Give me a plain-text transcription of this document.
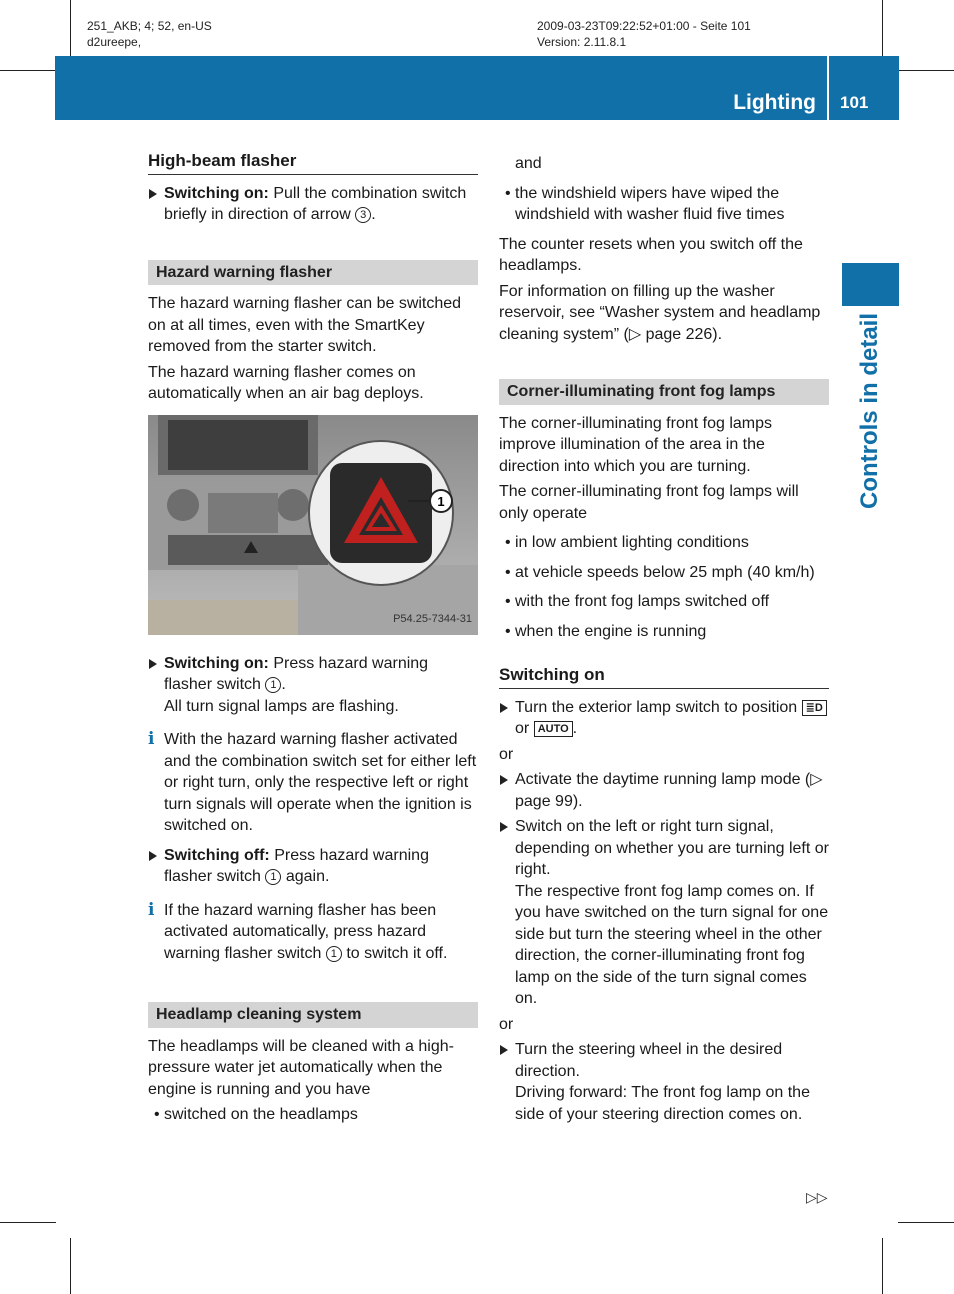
251_AKB; 4; 52, en-US
d2ureepe,
2009-03-23T09:22:52+01:00 - Seite 101
Version: 2.11.8.1
Lighting 101
Controls in detail
High-beam flasher
Switching on: Pull the combination switch briefly in direction of arrow 3 .
Hazard warning flasher
The hazard warning flasher can be switched on at all times, even with the SmartKey removed from the starter switch.
The hazard warning flasher comes on automatically when an air bag deploys.
1
P54.25-7344-31
Switching on: Press hazard warning flasher switch 1 .
All turn signal lamps are flashing.
i With the hazard warning flasher activated and the combination switch set for either left or right turn, only the respective left or right turn signals will operate when the ignition is switched on.
Switching off: Press hazard warning flasher switch 1 again.
i If the hazard warning flasher has been activated automatically, press hazard warning flasher switch 1 to switch it off.
Headlamp cleaning system
The headlamps will be cleaned with a high-pressure water jet automatically when the engine is running and you have
• switched on the headlamps
and
• the windshield wipers have wiped the windshield with washer fluid five times
The counter resets when you switch off the headlamps.
For information on filling up the washer reservoir, see “Washer system and headlamp cleaning system” (▷ page 226).
Corner-illuminating front fog lamps
The corner-illuminating front fog lamps improve illumination of the area in the direction into which you are turning.
The corner-illuminating front fog lamps will only operate
• in low ambient lighting conditions
• at vehicle speeds below 25 mph (40 km/h)
• with the front fog lamps switched off
• when the engine is running
Switching on
Turn the exterior lamp switch to position ≣D or AUTO .
or
Activate the daytime running lamp mode (▷ page 99).
Switch on the left or right turn signal, depending on whether you are turning left or right.
The respective front fog lamp comes on. If you have switched on the turn signal for one side but turn the steering wheel in the other direction, the corner-illuminating front fog lamp on the side of the turn signal comes on.
or
Turn the steering wheel in the desired direction.
Driving forward: The front fog lamp on the side of your steering direction comes on.
▷▷
